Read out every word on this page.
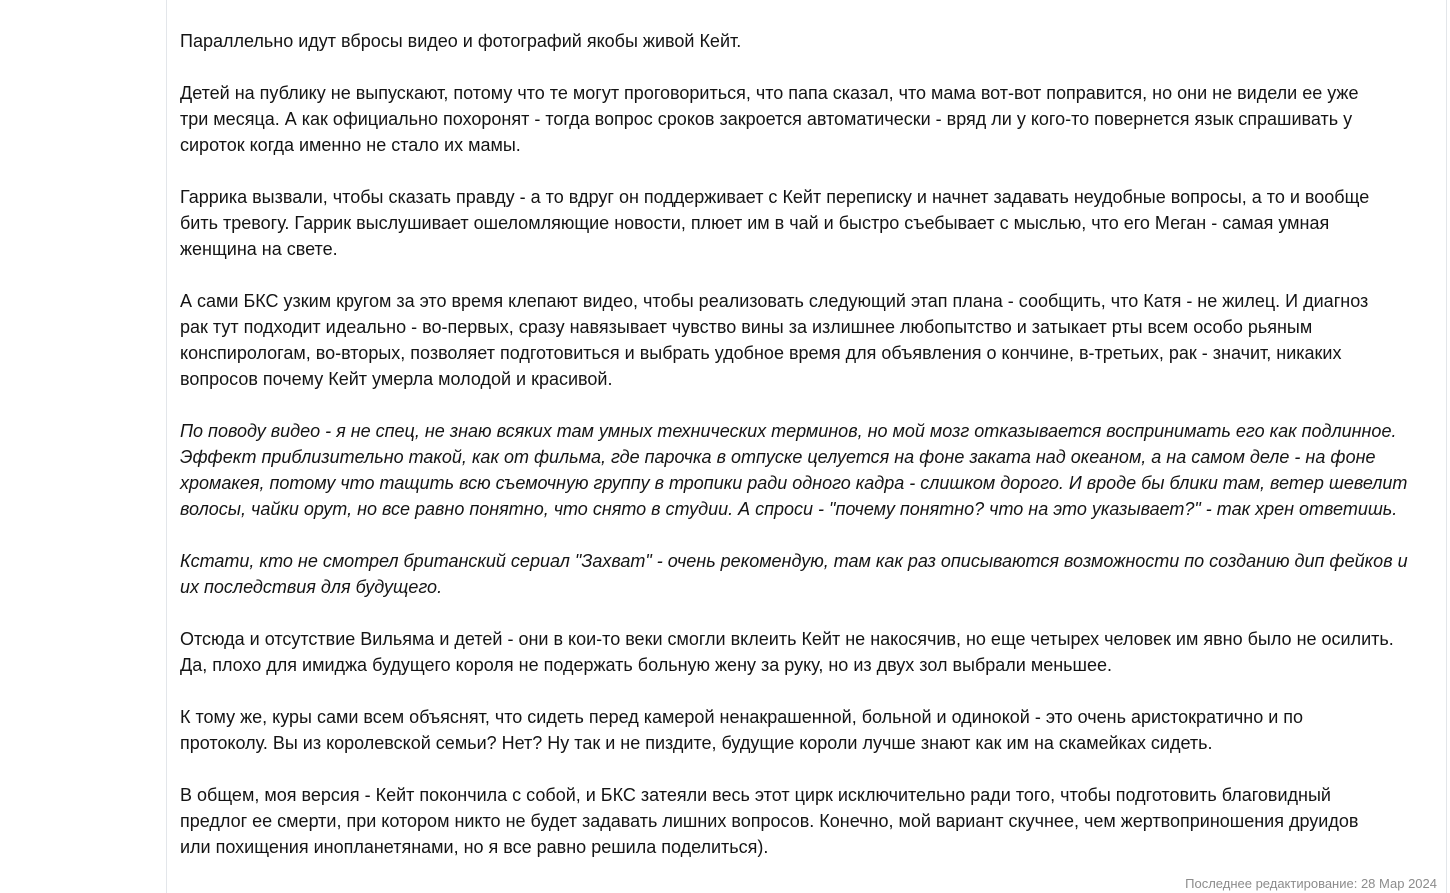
Параллельно идут вбросы видео и фотографий якобы живой Кейт.

Детей на публику не выпускают, потому что те могут проговориться, что папа сказал, что мама вот-вот поправится, но они не видели ее уже
три месяца. А как официально похоронят - тогда вопрос сроков закроется автоматически - вряд ли у кого-то повернется язык спрашивать у
сироток когда именно не стало их мамы.

Гаррика вызвали, чтобы сказать правду - а то вдруг он поддерживает с Кейт переписку и начнет задавать неудобные вопросы, а то и вообще
бить тревогу. Гаррик выслушивает ошеломляющие новости, плюет им в чай и быстро съебывает с мыслью, что его Меган - самая умная
женщина на свете.

А сами БКС узким кругом за это время клепают видео, чтобы реализовать следующий этап плана - сообщить, что Катя - не жилец. И диагноз
рак тут подходит идеально - во-первых, сразу навязывает чувство вины за излишнее любопытство и затыкает рты всем особо рьяным
конспирологам, во-вторых, позволяет подготовиться и выбрать удобное время для объявления о кончине, в-третьих, рак - значит, никаких
вопросов почему Кейт умерла молодой и красивой.

По поводу видео - я не спец, не знаю всяких там умных технических терминов, но мой мозг отказывается воспринимать его как подлинное.
Эффект приблизительно такой, как от фильма, где парочка в отпуске целуется на фоне заката над океаном, а на самом деле - на фоне
хромакея, потому что тащить всю съемочную группу в тропики ради одного кадра - слишком дорого. И вроде бы блики там, ветер шевелит
волосы, чайки орут, но все равно понятно, что снято в студии. А спроси - "почему понятно? что на это указывает?" - так хрен ответишь.

Кстати, кто не смотрел британский сериал "Захват" - очень рекомендую, там как раз описываются возможности по созданию дип фейков и
их последствия для будущего.

Отсюда и отсутствие Вильяма и детей - они в кои-то веки смогли вклеить Кейт не накосячив, но еще четырех человек им явно было не осилить.
Да, плохо для имиджа будущего короля не подержать больную жену за руку, но из двух зол выбрали меньшее.

К тому же, куры сами всем объяснят, что сидеть перед камерой ненакрашенной, больной и одинокой - это очень аристократично и по
протоколу. Вы из королевской семьи? Нет? Ну так и не пиздите, будущие короли лучше знают как им на скамейках сидеть.

В общем, моя версия - Кейт покончила с собой, и БКС затеяли весь этот цирк исключительно ради того, чтобы подготовить благовидный
предлог ее смерти, при котором никто не будет задавать лишних вопросов. Конечно, мой вариант скучнее, чем жертвоприношения друидов
или похищения инопланетянами, но я все равно решила поделиться).

Последнее редактирование: 28 Мар 2024
